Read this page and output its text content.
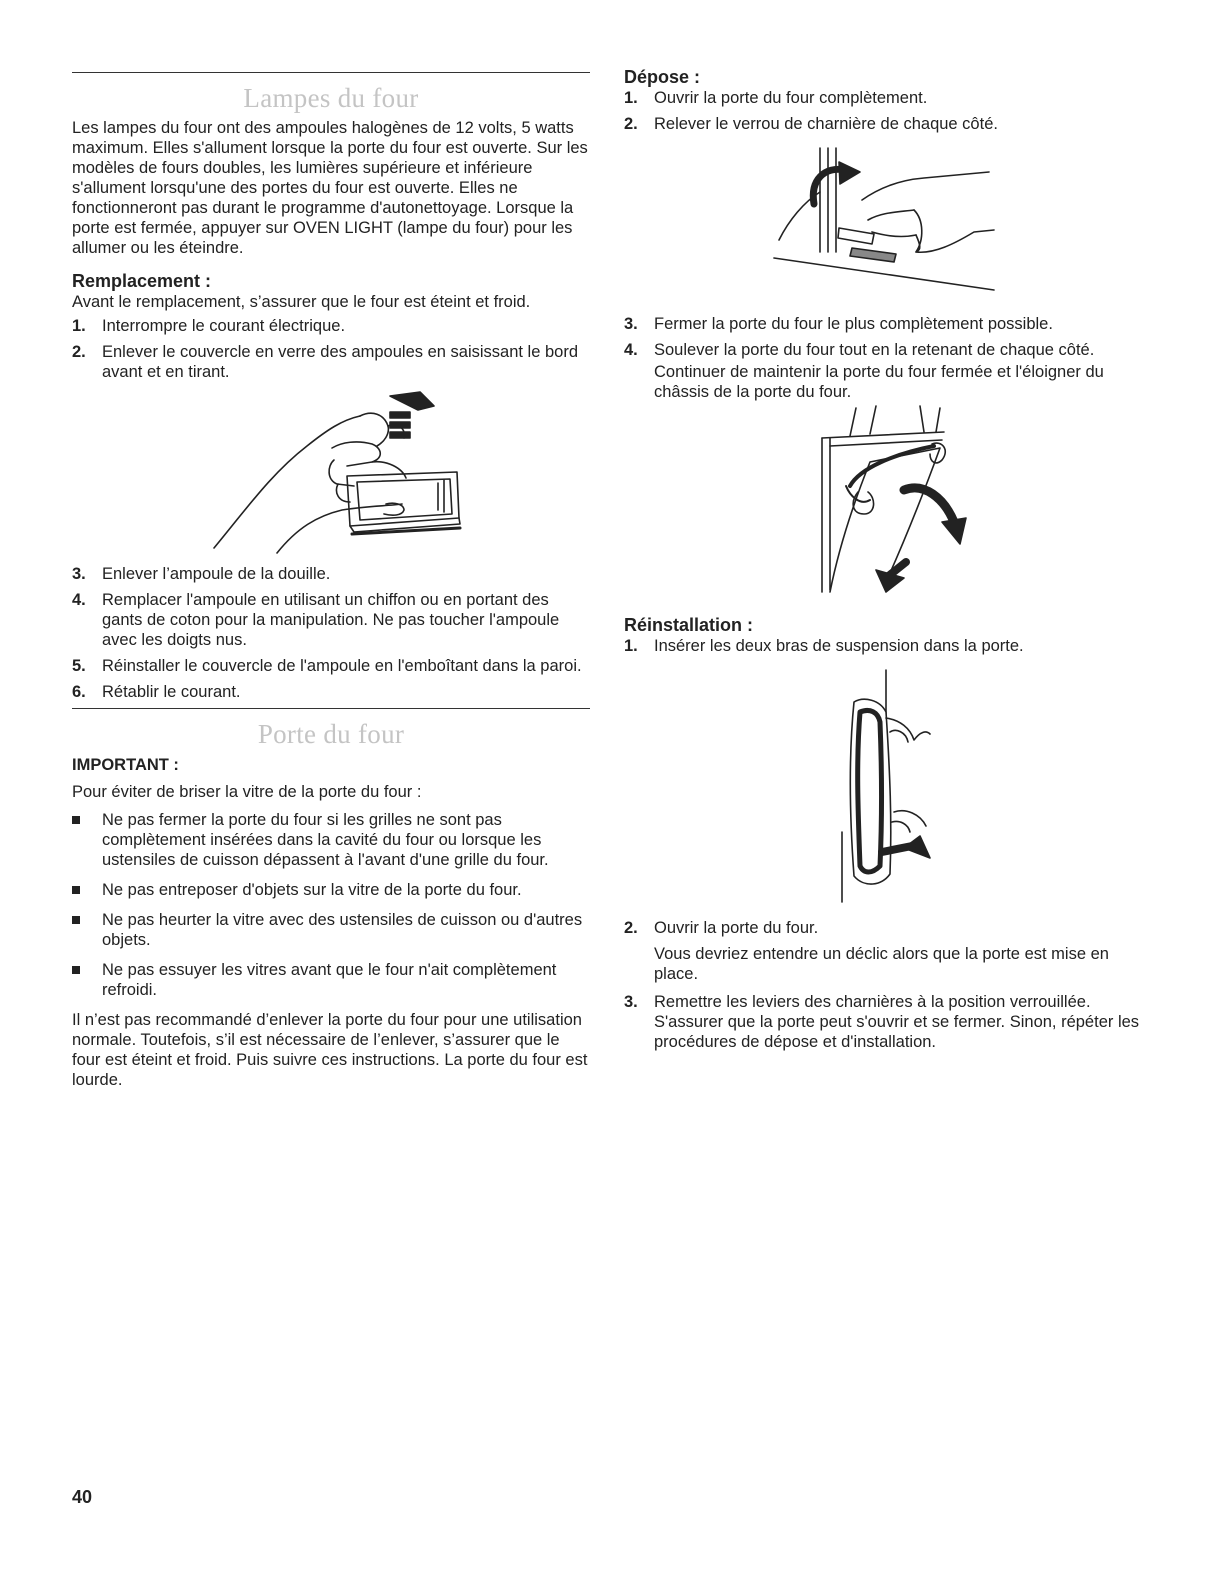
Lampes du four

Les lampes du four ont des ampoules halogènes de 12 volts, 5 watts maximum. Elles s'allument lorsque la porte du four est ouverte. Sur les modèles de fours doubles, les lumières supérieure et inférieure s'allument lorsqu'une des portes du four est ouverte. Elles ne fonctionneront pas durant le programme d'autonettoyage. Lorsque la porte est fermée, appuyer sur OVEN LIGHT (lampe du four) pour les allumer ou les éteindre.

Remplacement :

Avant le remplacement, s’assurer que le four est éteint et froid.

1. Interrompre le courant électrique.
2. Enlever le couvercle en verre des ampoules en saisissant le bord avant et en tirant.
3. Enlever l’ampoule de la douille.
4. Remplacer l'ampoule en utilisant un chiffon ou en portant des gants de coton pour la manipulation. Ne pas toucher l'ampoule avec les doigts nus.
5. Réinstaller le couvercle de l'ampoule en l'emboîtant dans la paroi.
6. Rétablir le courant.
Porte du four
IMPORTANT :

Pour éviter de briser la vitre de la porte du four :

Ne pas fermer la porte du four si les grilles ne sont pas complètement insérées dans la cavité du four ou lorsque les ustensiles de cuisson dépassent à l'avant d'une grille du four.
Ne pas entreposer d'objets sur la vitre de la porte du four.
Ne pas heurter la vitre avec des ustensiles de cuisson ou d'autres objets.
Ne pas essuyer les vitres avant que le four n'ait complètement refroidi.

Il n’est pas recommandé d’enlever la porte du four pour une utilisation normale. Toutefois, s’il est nécessaire de l’enlever, s’assurer que le four est éteint et froid. Puis suivre ces instructions. La porte du four est lourde.

Dépose :
1. Ouvrir la porte du four complètement.
2. Relever le verrou de charnière de chaque côté.
3. Fermer la porte du four le plus complètement possible.
4. Soulever la porte du four tout en la retenant de chaque côté.
Continuer de maintenir la porte du four fermée et l'éloigner du châssis de la porte du four.
Réinstallation :
1. Insérer les deux bras de suspension dans la porte.
2. Ouvrir la porte du four.
Vous devriez entendre un déclic alors que la porte est mise en place.
3. Remettre les leviers des charnières à la position verrouillée. S'assurer que la porte peut s'ouvrir et se fermer. Sinon, répéter les procédures de dépose et d'installation.
40
